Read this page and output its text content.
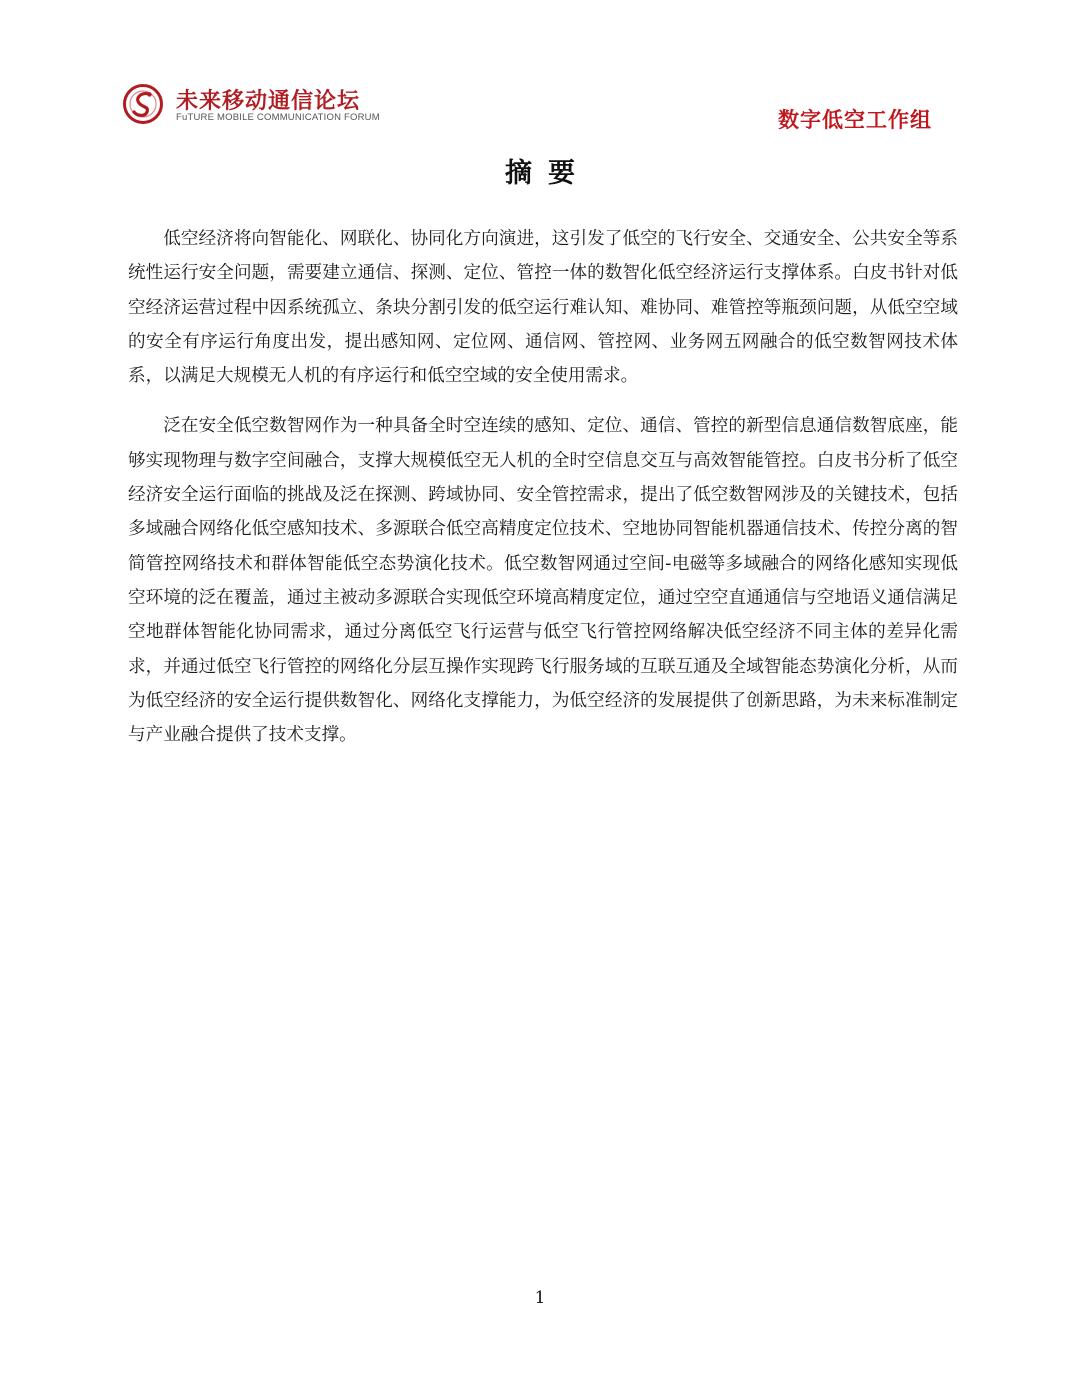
未来移动通信论坛
FuTURE MOBILE COMMUNICATION FORUM	数字低空工作组
摘要

低空经济将向智能化、网联化、协同化方向演进，这引发了低空的飞行安全、交通安全、公共安全等系统性运行安全问题，需要建立通信、探测、定位、管控一体的数智化低空经济运行支撑体系。白皮书针对低空经济运营过程中因系统孤立、条块分割引发的低空运行难认知、难协同、难管控等瓶颈问题，从低空空域的安全有序运行角度出发，提出感知网、定位网、通信网、管控网、业务网五网融合的低空数智网技术体系，以满足大规模无人机的有序运行和低空空域的安全使用需求。

泛在安全低空数智网作为一种具备全时空连续的感知、定位、通信、管控的新型信息通信数智底座，能够实现物理与数字空间融合，支撑大规模低空无人机的全时空信息交互与高效智能管控。白皮书分析了低空经济安全运行面临的挑战及泛在探测、跨域协同、安全管控需求，提出了低空数智网涉及的关键技术，包括多域融合网络化低空感知技术、多源联合低空高精度定位技术、空地协同智能机器通信技术、传控分离的智简管控网络技术和群体智能低空态势演化技术。低空数智网通过空间-电磁等多域融合的网络化感知实现低空环境的泛在覆盖，通过主被动多源联合实现低空环境高精度定位，通过空空直通通信与空地语义通信满足空地群体智能化协同需求，通过分离低空飞行运营与低空飞行管控网络解决低空经济不同主体的差异化需求，并通过低空飞行管控的网络化分层互操作实现跨飞行服务域的互联互通及全域智能态势演化分析，从而为低空经济的安全运行提供数智化、网络化支撑能力，为低空经济的发展提供了创新思路，为未来标准制定与产业融合提供了技术支撑。

1
